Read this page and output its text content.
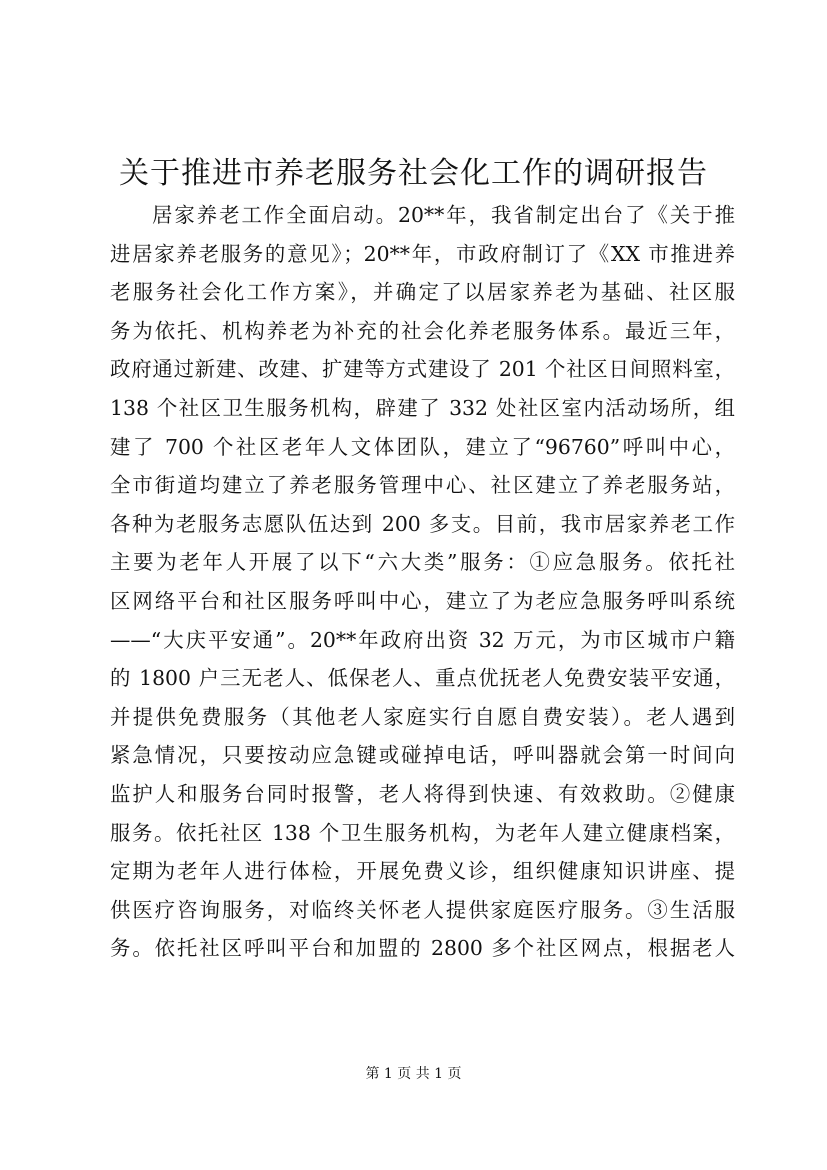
关于推进市养老服务社会化工作的调研报告
居家养老工作全面启动。20**年，我省制定出台了《关于推
进居家养老服务的意见》；20**年，市政府制订了《XX 市推进养
老服务社会化工作方案》，并确定了以居家养老为基础、社区服
务为依托、机构养老为补充的社会化养老服务体系。最近三年，
政府通过新建、改建、扩建等方式建设了 201 个社区日间照料室，
138 个社区卫生服务机构，辟建了 332 处社区室内活动场所，组
建了 700 个社区老年人文体团队，建立了“96760”呼叫中心，
全市街道均建立了养老服务管理中心、社区建立了养老服务站，
各种为老服务志愿队伍达到 200 多支。目前，我市居家养老工作
主要为老年人开展了以下“六大类”服务：①应急服务。依托社
区网络平台和社区服务呼叫中心，建立了为老应急服务呼叫系统
——“大庆平安通”。20**年政府出资 32 万元，为市区城市户籍
的 1800 户三无老人、低保老人、重点优抚老人免费安装平安通，
并提供免费服务（其他老人家庭实行自愿自费安装）。老人遇到
紧急情况，只要按动应急键或碰掉电话，呼叫器就会第一时间向
监护人和服务台同时报警，老人将得到快速、有效救助。②健康
服务。依托社区 138 个卫生服务机构，为老年人建立健康档案，
定期为老年人进行体检，开展免费义诊，组织健康知识讲座、提
供医疗咨询服务，对临终关怀老人提供家庭医疗服务。③生活服
务。依托社区呼叫平台和加盟的 2800 多个社区网点，根据老人
第 1 页 共 1 页
